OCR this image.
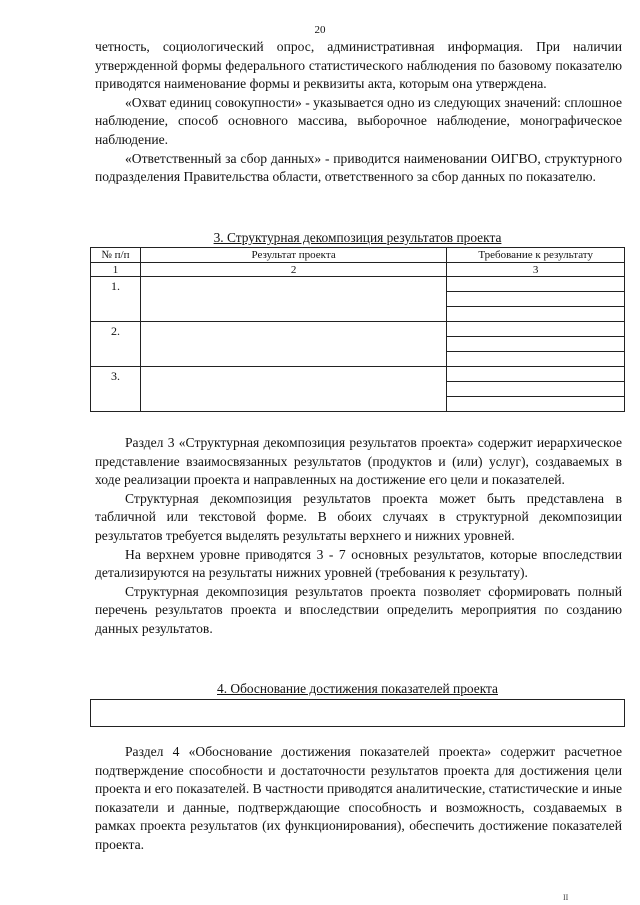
20

четность, социологический опрос, административная информация. При наличии утвержденной формы федерального статистического наблюдения по базовому показателю приводятся наименование формы и реквизиты акта, которым она утверждена.

«Охват единиц совокупности» - указывается одно из следующих значений: сплошное наблюдение, способ основного массива, выборочное наблюдение, монографическое наблюдение.

«Ответственный за сбор данных» - приводится наименовании ОИГВО, структурного подразделения Правительства области, ответственного за сбор данных по показателю.

3. Структурная декомпозиция результатов проекта
№ п/п	Результат проекта	Требование к результату
1	2	3
1.		

2.		

3.		

Раздел 3 «Структурная декомпозиция результатов проекта» содержит иерархическое представление взаимосвязанных результатов (продуктов и (или) услуг), создаваемых в ходе реализации проекта и направленных на достижение его цели и показателей.

Структурная декомпозиция результатов проекта может быть представлена в табличной или текстовой форме. В обоих случаях в структурной декомпозиции результатов требуется выделять результаты верхнего и нижних уровней.

На верхнем уровне приводятся 3 - 7 основных результатов, которые впоследствии детализируются на результаты нижних уровней (требования к результату).

Структурная декомпозиция результатов проекта позволяет сформировать полный перечень результатов проекта и впоследствии определить мероприятия по созданию данных результатов.

4. Обоснование достижения показателей проекта

Раздел 4 «Обоснование достижения показателей проекта» содержит расчетное подтверждение способности и достаточности результатов проекта для достижения цели проекта и его показателей. В частности приводятся аналитические, статистические и иные показатели и данные, подтверждающие способность и возможность, создаваемых в рамках проекта результатов (их функционирования), обеспечить достижение показателей проекта.

II
